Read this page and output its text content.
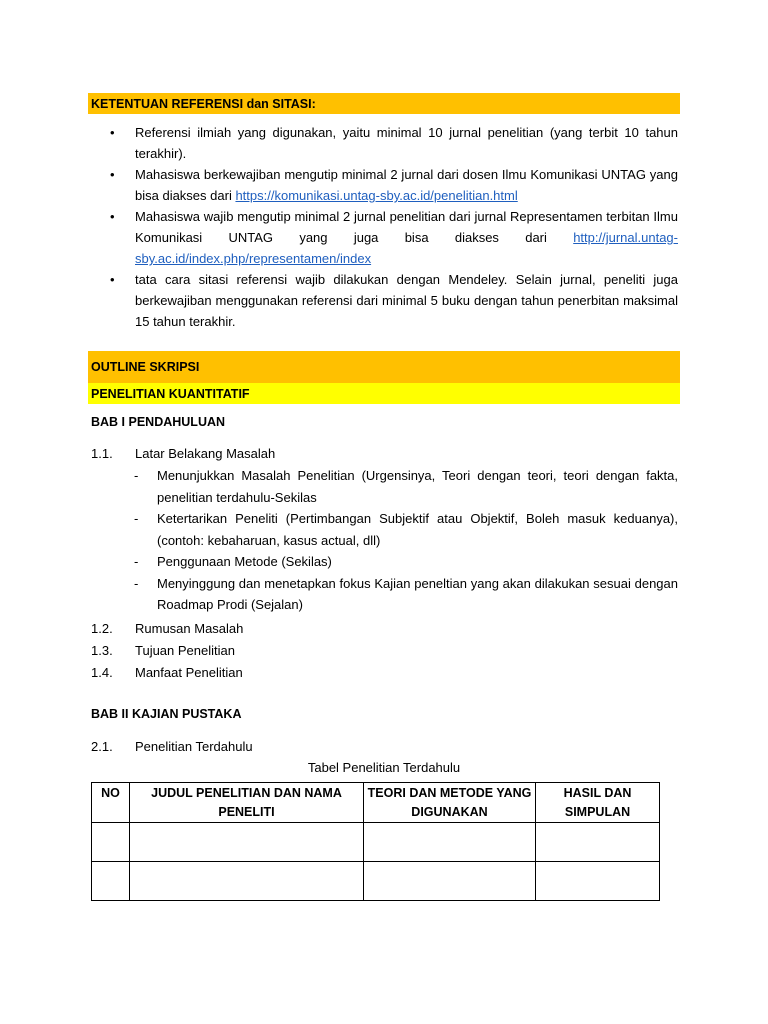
KETENTUAN REFERENSI dan SITASI:
•	Referensi ilmiah yang digunakan, yaitu minimal 10 jurnal penelitian (yang terbit 10 tahun terakhir).
•	Mahasiswa berkewajiban mengutip minimal 2 jurnal dari dosen Ilmu Komunikasi UNTAG yang bisa diakses dari https://komunikasi.untag-sby.ac.id/penelitian.html
•	Mahasiswa wajib mengutip minimal 2 jurnal penelitian dari jurnal Representamen terbitan Ilmu Komunikasi UNTAG yang juga bisa diakses dari http://jurnal.untag-sby.ac.id/index.php/representamen/index
•	tata cara sitasi referensi wajib dilakukan dengan Mendeley. Selain jurnal, peneliti juga berkewajiban menggunakan referensi dari minimal 5 buku dengan tahun penerbitan maksimal 15 tahun terakhir.
OUTLINE SKRIPSI
PENELITIAN KUANTITATIF
BAB I PENDAHULUAN
1.1.	Latar Belakang Masalah
-	Menunjukkan Masalah Penelitian (Urgensinya, Teori dengan teori, teori dengan fakta, penelitian terdahulu-Sekilas
-	Ketertarikan Peneliti (Pertimbangan Subjektif atau Objektif, Boleh masuk keduanya), (contoh: kebaharuan, kasus actual, dll)
-	Penggunaan Metode (Sekilas)
-	Menyinggung dan menetapkan fokus Kajian peneltian yang akan dilakukan sesuai dengan Roadmap Prodi (Sejalan)
1.2.	Rumusan Masalah
1.3.	Tujuan Penelitian
1.4.	Manfaat Penelitian
BAB II KAJIAN PUSTAKA
2.1.	Penelitian Terdahulu
Tabel Penelitian Terdahulu
NO	JUDUL PENELITIAN DAN NAMA PENELITI	TEORI DAN METODE YANG DIGUNAKAN	HASIL DAN SIMPULAN
